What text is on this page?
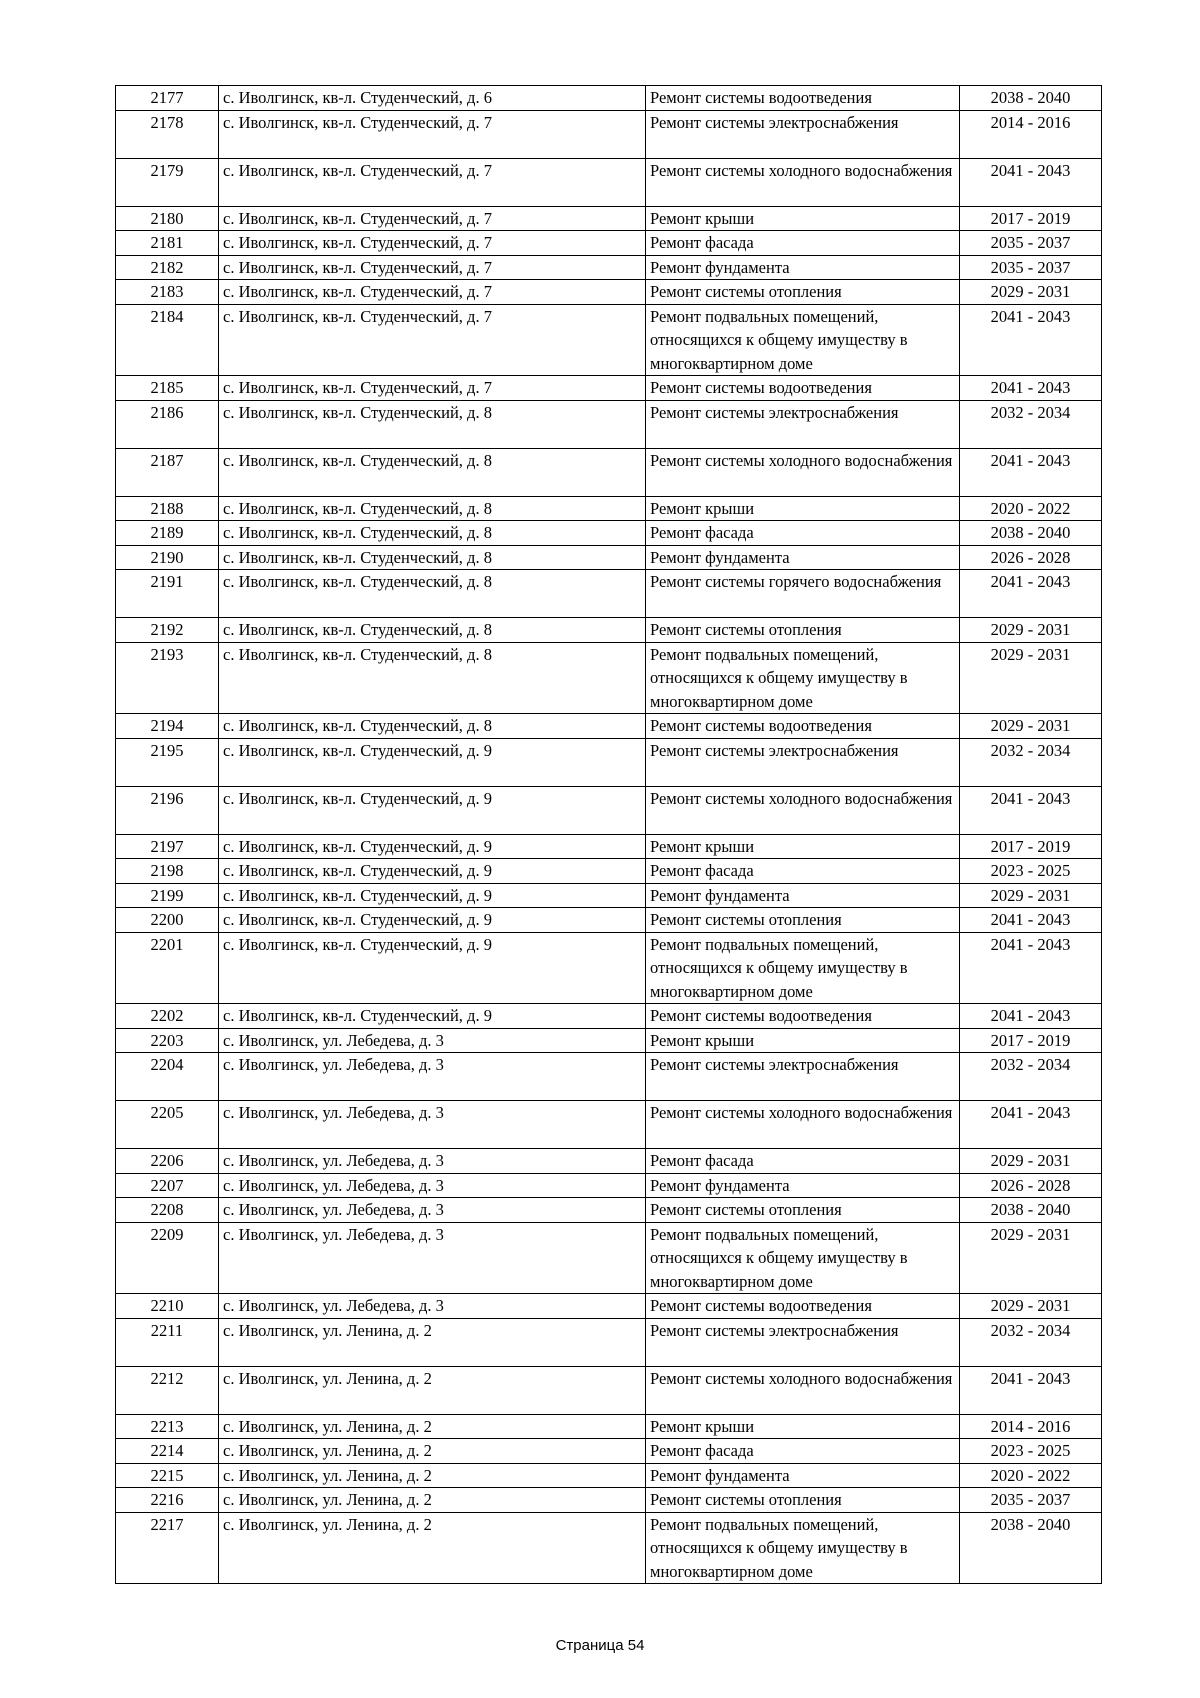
2177	с. Иволгинск, кв-л. Студенческий, д. 6	Ремонт системы водоотведения	2038 - 2040
2178	с. Иволгинск, кв-л. Студенческий, д. 7	Ремонт системы электроснабжения	2014 - 2016
2179	с. Иволгинск, кв-л. Студенческий, д. 7	Ремонт системы холодного водоснабжения	2041 - 2043
2180	с. Иволгинск, кв-л. Студенческий, д. 7	Ремонт крыши	2017 - 2019
2181	с. Иволгинск, кв-л. Студенческий, д. 7	Ремонт фасада	2035 - 2037
2182	с. Иволгинск, кв-л. Студенческий, д. 7	Ремонт фундамента	2035 - 2037
2183	с. Иволгинск, кв-л. Студенческий, д. 7	Ремонт системы отопления	2029 - 2031
2184	с. Иволгинск, кв-л. Студенческий, д. 7	Ремонт подвальных помещений, относящихся к общему имуществу в многоквартирном доме	2041 - 2043
2185	с. Иволгинск, кв-л. Студенческий, д. 7	Ремонт системы водоотведения	2041 - 2043
2186	с. Иволгинск, кв-л. Студенческий, д. 8	Ремонт системы электроснабжения	2032 - 2034
2187	с. Иволгинск, кв-л. Студенческий, д. 8	Ремонт системы холодного водоснабжения	2041 - 2043
2188	с. Иволгинск, кв-л. Студенческий, д. 8	Ремонт крыши	2020 - 2022
2189	с. Иволгинск, кв-л. Студенческий, д. 8	Ремонт фасада	2038 - 2040
2190	с. Иволгинск, кв-л. Студенческий, д. 8	Ремонт фундамента	2026 - 2028
2191	с. Иволгинск, кв-л. Студенческий, д. 8	Ремонт системы горячего водоснабжения	2041 - 2043
2192	с. Иволгинск, кв-л. Студенческий, д. 8	Ремонт системы отопления	2029 - 2031
2193	с. Иволгинск, кв-л. Студенческий, д. 8	Ремонт подвальных помещений, относящихся к общему имуществу в многоквартирном доме	2029 - 2031
2194	с. Иволгинск, кв-л. Студенческий, д. 8	Ремонт системы водоотведения	2029 - 2031
2195	с. Иволгинск, кв-л. Студенческий, д. 9	Ремонт системы электроснабжения	2032 - 2034
2196	с. Иволгинск, кв-л. Студенческий, д. 9	Ремонт системы холодного водоснабжения	2041 - 2043
2197	с. Иволгинск, кв-л. Студенческий, д. 9	Ремонт крыши	2017 - 2019
2198	с. Иволгинск, кв-л. Студенческий, д. 9	Ремонт фасада	2023 - 2025
2199	с. Иволгинск, кв-л. Студенческий, д. 9	Ремонт фундамента	2029 - 2031
2200	с. Иволгинск, кв-л. Студенческий, д. 9	Ремонт системы отопления	2041 - 2043
2201	с. Иволгинск, кв-л. Студенческий, д. 9	Ремонт подвальных помещений, относящихся к общему имуществу в многоквартирном доме	2041 - 2043
2202	с. Иволгинск, кв-л. Студенческий, д. 9	Ремонт системы водоотведения	2041 - 2043
2203	с. Иволгинск, ул. Лебедева, д. 3	Ремонт крыши	2017 - 2019
2204	с. Иволгинск, ул. Лебедева, д. 3	Ремонт системы электроснабжения	2032 - 2034
2205	с. Иволгинск, ул. Лебедева, д. 3	Ремонт системы холодного водоснабжения	2041 - 2043
2206	с. Иволгинск, ул. Лебедева, д. 3	Ремонт фасада	2029 - 2031
2207	с. Иволгинск, ул. Лебедева, д. 3	Ремонт фундамента	2026 - 2028
2208	с. Иволгинск, ул. Лебедева, д. 3	Ремонт системы отопления	2038 - 2040
2209	с. Иволгинск, ул. Лебедева, д. 3	Ремонт подвальных помещений, относящихся к общему имуществу в многоквартирном доме	2029 - 2031
2210	с. Иволгинск, ул. Лебедева, д. 3	Ремонт системы водоотведения	2029 - 2031
2211	с. Иволгинск, ул. Ленина, д. 2	Ремонт системы электроснабжения	2032 - 2034
2212	с. Иволгинск, ул. Ленина, д. 2	Ремонт системы холодного водоснабжения	2041 - 2043
2213	с. Иволгинск, ул. Ленина, д. 2	Ремонт крыши	2014 - 2016
2214	с. Иволгинск, ул. Ленина, д. 2	Ремонт фасада	2023 - 2025
2215	с. Иволгинск, ул. Ленина, д. 2	Ремонт фундамента	2020 - 2022
2216	с. Иволгинск, ул. Ленина, д. 2	Ремонт системы отопления	2035 - 2037
2217	с. Иволгинск, ул. Ленина, д. 2	Ремонт подвальных помещений, относящихся к общему имуществу в многоквартирном доме	2038 - 2040
Страница 54
